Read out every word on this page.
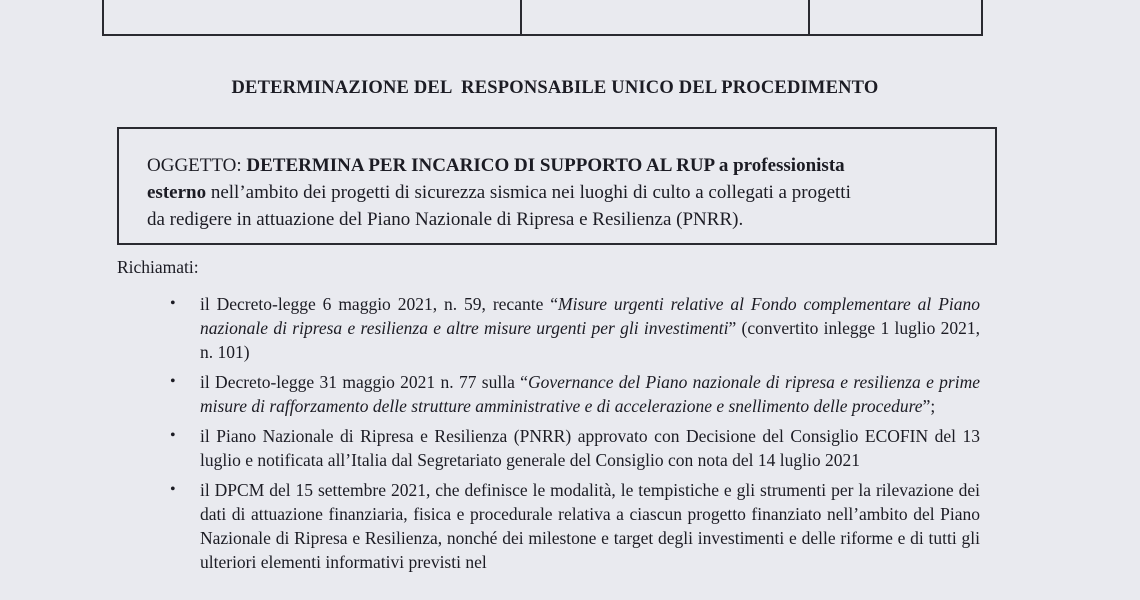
DETERMINAZIONE DEL  RESPONSABILE UNICO DEL PROCEDIMENTO
OGGETTO: DETERMINA PER INCARICO DI SUPPORTO AL RUP a professionista
esterno nell’ambito dei progetti di sicurezza sismica nei luoghi di culto a collegati a progetti
da redigere in attuazione del Piano Nazionale di Ripresa e Resilienza (PNRR).
Richiamati:
• il Decreto-legge 6 maggio 2021, n. 59, recante “Misure urgenti relative al Fondo complementare al Piano nazionale di ripresa e resilienza e altre misure urgenti per gli investimenti” (convertito inlegge 1 luglio 2021, n. 101)
• il Decreto-legge 31 maggio 2021 n. 77 sulla “Governance del Piano nazionale di ripresa e resilienza e prime misure di rafforzamento delle strutture amministrative e di accelerazione e snellimento delle procedure”;
• il Piano Nazionale di Ripresa e Resilienza (PNRR) approvato con Decisione del Consiglio ECOFIN del 13 luglio e notificata all’Italia dal Segretariato generale del Consiglio con nota del 14 luglio 2021
• il DPCM del 15 settembre 2021, che definisce le modalità, le tempistiche e gli strumenti per la rilevazione dei dati di attuazione finanziaria, fisica e procedurale relativa a ciascun progetto finanziato nell’ambito del Piano Nazionale di Ripresa e Resilienza, nonché dei milestone e target degli investimenti e delle riforme e di tutti gli ulteriori elementi informativi previsti nel
